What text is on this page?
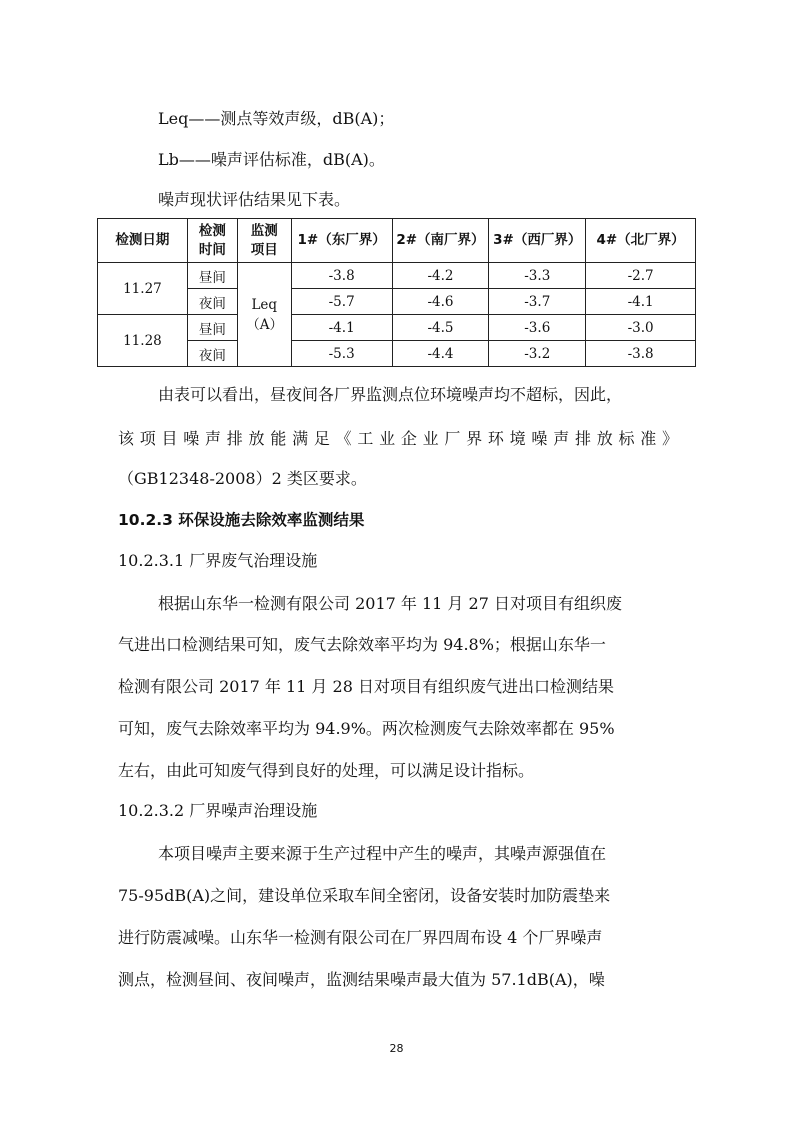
Leq——测点等效声级，dB(A)；
Lb——噪声评估标准，dB(A)。
噪声现状评估结果见下表。
检测日期	检测时间	监测项目	1#（东厂界）	2#（南厂界）	3#（西厂界）	4#（北厂界）
11.27	昼间	Leq（A）	-3.8	-4.2	-3.3	-2.7
	夜间		-5.7	-4.6	-3.7	-4.1
11.28	昼间		-4.1	-4.5	-3.6	-3.0
	夜间		-5.3	-4.4	-3.2	-3.8
由表可以看出，昼夜间各厂界监测点位环境噪声均不超标，因此，
该项目噪声排放能满足《工业企业厂界环境噪声排放标准》
（GB12348-2008）2 类区要求。
10.2.3 环保设施去除效率监测结果
10.2.3.1 厂界废气治理设施
根据山东华一检测有限公司 2017 年 11 月 27 日对项目有组织废
气进出口检测结果可知，废气去除效率平均为 94.8%；根据山东华一
检测有限公司 2017 年 11 月 28 日对项目有组织废气进出口检测结果
可知，废气去除效率平均为 94.9%。两次检测废气去除效率都在 95%
左右，由此可知废气得到良好的处理，可以满足设计指标。
10.2.3.2 厂界噪声治理设施
本项目噪声主要来源于生产过程中产生的噪声，其噪声源强值在
75-95dB(A)之间，建设单位采取车间全密闭，设备安装时加防震垫来
进行防震减噪。山东华一检测有限公司在厂界四周布设 4 个厂界噪声
测点，检测昼间、夜间噪声，监测结果噪声最大值为 57.1dB(A)，噪
28
